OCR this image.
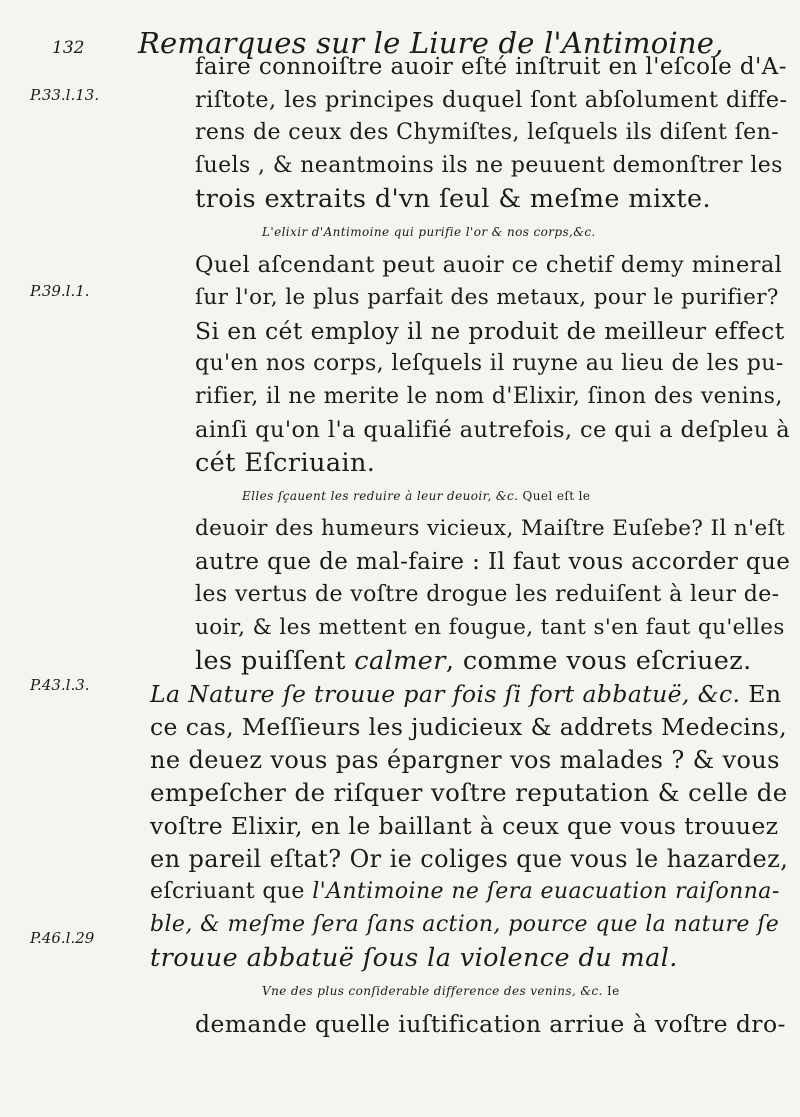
132 Remarques sur le Liure de l'Antimoine,
P.33.l.13.
P.39.l.1.
P.43.l.3.
P.46.l.29
faire connoiſtre auoir eſté inſtruit en l'eſcole d'A-
riſtote, les principes duquel ſont abſolument diffe-
rens de ceux des Chymiſtes, leſquels ils diſent ſen-
ſuels , & neantmoins ils ne peuuent demonſtrer les
trois extraits d'vn ſeul & meſme mixte.
L'elixir d'Antimoine qui purifie l'or & nos corps,&c.
Quel aſcendant peut auoir ce chetif demy mineral
ſur l'or, le plus parfait des metaux, pour le purifier?
Si en cét employ il ne produit de meilleur effect
qu'en nos corps, leſquels il ruyne au lieu de les pu-
rifier, il ne merite le nom d'Elixir, ſinon des venins,
ainſi qu'on l'a qualifié autrefois, ce qui a deſpleu à
cét Eſcriuain.
Elles ſçauent les reduire à leur deuoir, &c. Quel eſt le
deuoir des humeurs vicieux, Maiſtre Euſebe? Il n'eſt
autre que de mal-faire : Il faut vous accorder que
les vertus de voſtre drogue les reduiſent à leur de-
uoir, & les mettent en fougue, tant s'en faut qu'elles
les puiſſent calmer, comme vous eſcriuez.
La Nature ſe trouue par fois ſi fort abbatuë, &c. En
ce cas, Meſſieurs les judicieux & addrets Medecins,
ne deuez vous pas épargner vos malades ? & vous
empeſcher de riſquer voſtre reputation & celle de
voſtre Elixir, en le baillant à ceux que vous trouuez
en pareil eſtat? Or ie coliges que vous le hazardez,
eſcriuant que l'Antimoine ne ſera euacuation raiſonna-
ble, & meſme ſera ſans action, pource que la nature ſe
trouue abbatuë ſous la violence du mal.
Vne des plus conſiderable difference des venins, &c. Ie
demande quelle iuſtification arriue à voſtre dro-
